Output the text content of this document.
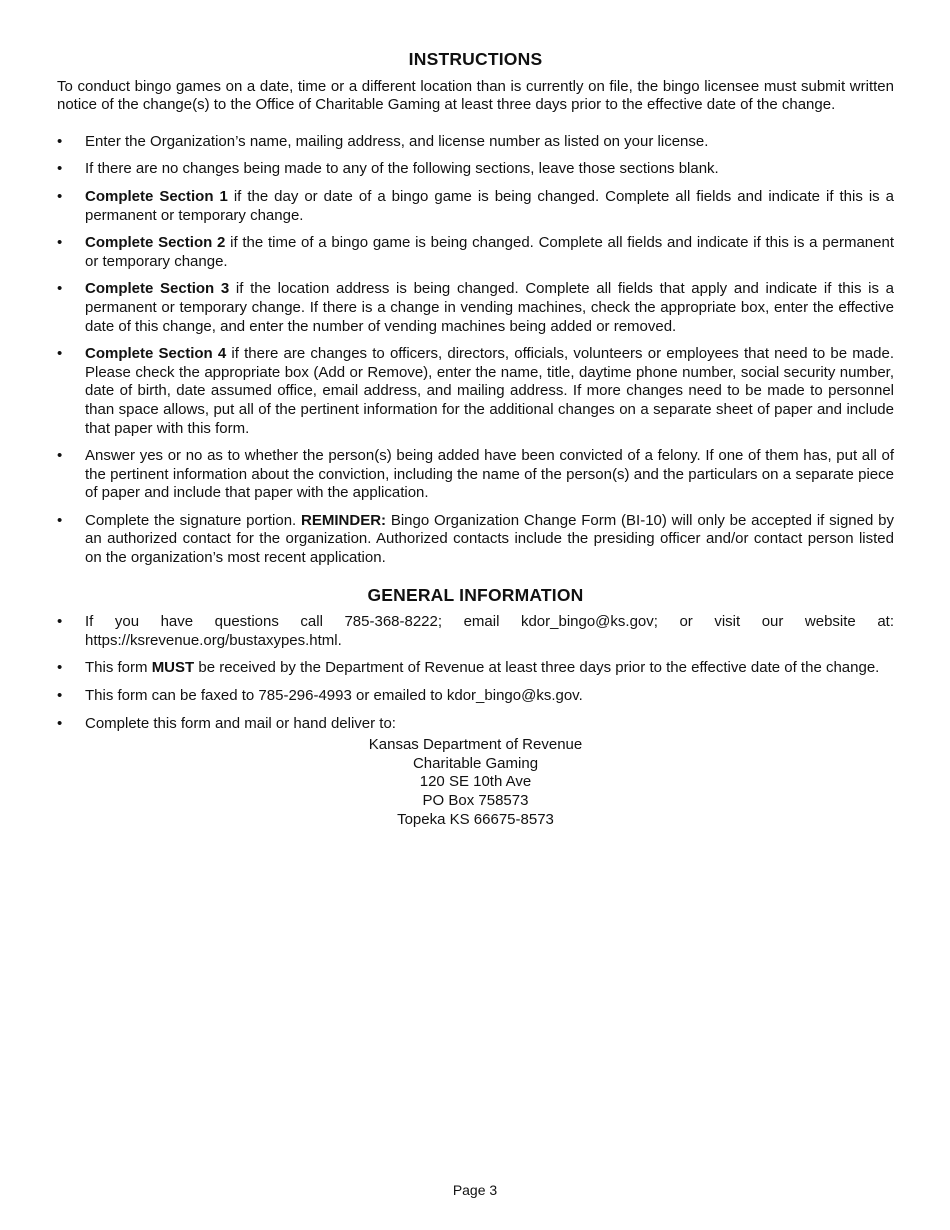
INSTRUCTIONS

To conduct bingo games on a date, time or a different location than is currently on file, the bingo licensee must submit written notice of the change(s) to the Office of Charitable Gaming at least three days prior to the effective date of the change.

• Enter the Organization’s name, mailing address, and license number as listed on your license.
• If there are no changes being made to any of the following sections, leave those sections blank.
• Complete Section 1 if the day or date of a bingo game is being changed. Complete all fields and indicate if this is a permanent or temporary change.
• Complete Section 2 if the time of a bingo game is being changed. Complete all fields and indicate if this is a permanent or temporary change.
• Complete Section 3 if the location address is being changed. Complete all fields that apply and indicate if this is a permanent or temporary change. If there is a change in vending machines, check the appropriate box, enter the effective date of this change, and enter the number of vending machines being added or removed.
• Complete Section 4 if there are changes to officers, directors, officials, volunteers or employees that need to be made. Please check the appropriate box (Add or Remove), enter the name, title, daytime phone number, social security number, date of birth, date assumed office, email address, and mailing address. If more changes need to be made to personnel than space allows, put all of the pertinent information for the additional changes on a separate sheet of paper and include that paper with this form.
• Answer yes or no as to whether the person(s) being added have been convicted of a felony. If one of them has, put all of the pertinent information about the conviction, including the name of the person(s) and the particulars on a separate piece of paper and include that paper with the application.
• Complete the signature portion. REMINDER: Bingo Organization Change Form (BI-10) will only be accepted if signed by an authorized contact for the organization. Authorized contacts include the presiding officer and/or contact person listed on the organization’s most recent application.
GENERAL INFORMATION
• If you have questions call 785-368-8222; email kdor_bingo@ks.gov; or visit our website at: https://ksrevenue.org/bustaxypes.html.
• This form MUST be received by the Department of Revenue at least three days prior to the effective date of the change.
• This form can be faxed to 785-296-4993 or emailed to kdor_bingo@ks.gov.
• Complete this form and mail or hand deliver to:
Kansas Department of Revenue
Charitable Gaming
120 SE 10th Ave
PO Box 758573
Topeka KS 66675-8573
Page 3
